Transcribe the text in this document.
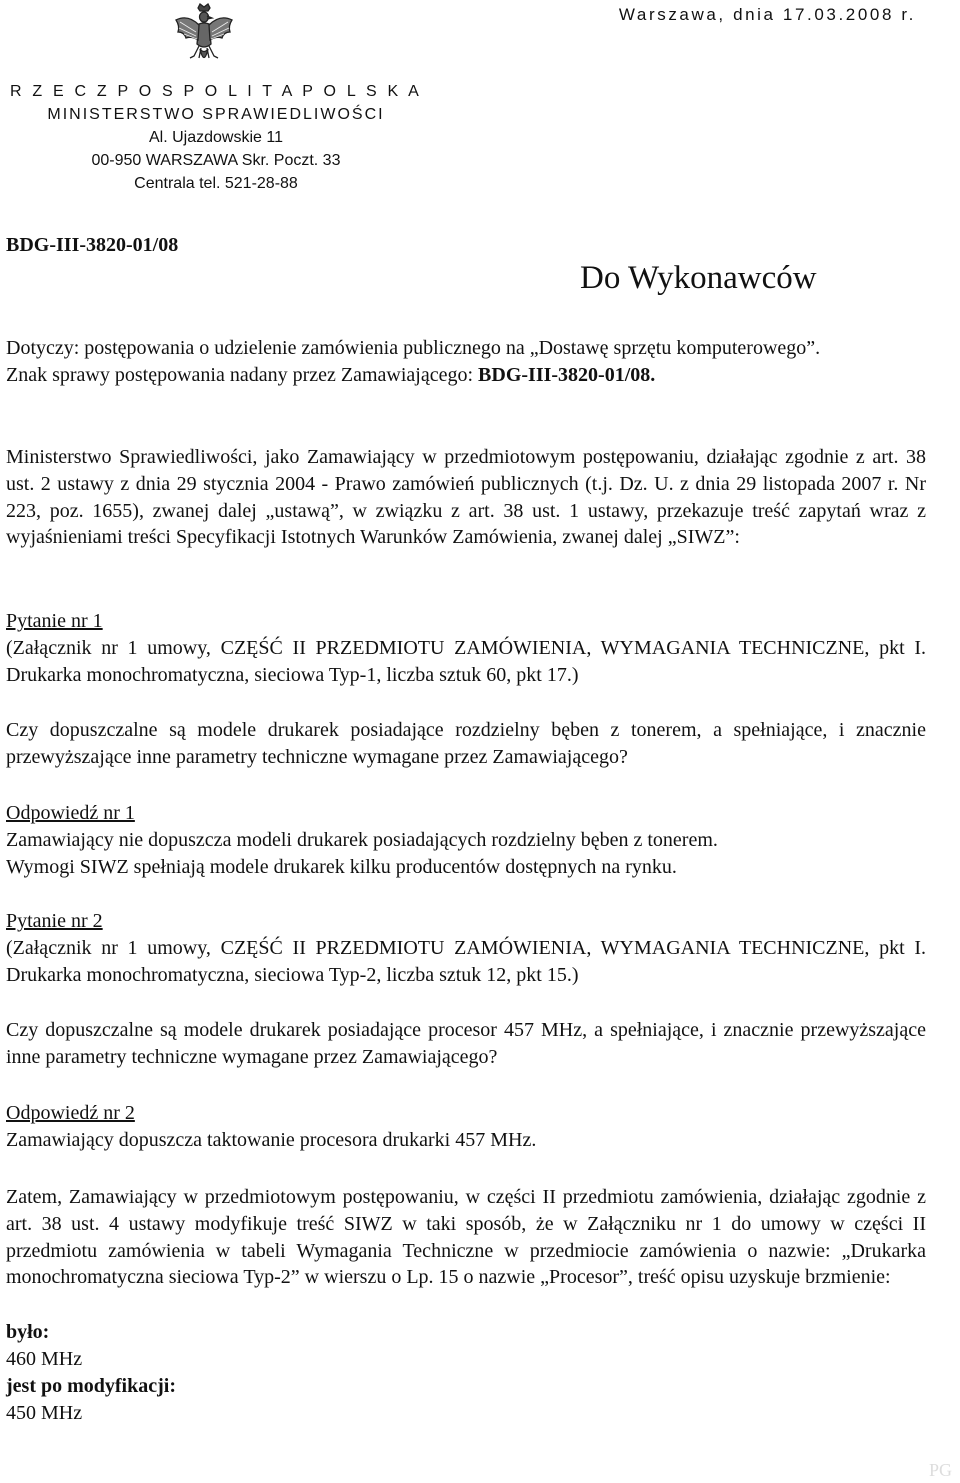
Warszawa, dnia 17.03.2008 r.
R Z E C Z P O S P O L I T A P O L S K A
MINISTERSTWO SPRAWIEDLIWOŚCI
Al. Ujazdowskie 11
00-950 WARSZAWA Skr. Poczt. 33
Centrala tel. 521-28-88
BDG-III-3820-01/08
Do Wykonawców
Dotyczy: postępowania o udzielenie zamówienia publicznego na „Dostawę sprzętu komputerowego”.
Znak sprawy postępowania nadany przez Zamawiającego: BDG-III-3820-01/08.
Ministerstwo Sprawiedliwości, jako Zamawiający w przedmiotowym postępowaniu, działając zgodnie z art. 38 ust. 2 ustawy z dnia 29 stycznia 2004 - Prawo zamówień publicznych (t.j. Dz. U. z dnia 29 listopada 2007 r. Nr 223, poz. 1655), zwanej dalej „ustawą”, w związku z art. 38 ust. 1 ustawy, przekazuje treść zapytań wraz z wyjaśnieniami treści Specyfikacji Istotnych Warunków Zamówienia, zwanej dalej „SIWZ”:
Pytanie nr 1
(Załącznik nr 1 umowy, CZĘŚĆ II PRZEDMIOTU ZAMÓWIENIA, WYMAGANIA TECHNICZNE, pkt I. Drukarka monochromatyczna, sieciowa Typ-1, liczba sztuk 60, pkt 17.)
Czy dopuszczalne są modele drukarek posiadające rozdzielny bęben z tonerem, a spełniające, i znacznie przewyższające inne parametry techniczne wymagane przez Zamawiającego?
Odpowiedź nr 1
Zamawiający nie dopuszcza modeli drukarek posiadających rozdzielny bęben z tonerem.
Wymogi SIWZ spełniają modele drukarek kilku producentów dostępnych na rynku.
Pytanie nr 2
(Załącznik nr 1 umowy, CZĘŚĆ II PRZEDMIOTU ZAMÓWIENIA, WYMAGANIA TECHNICZNE, pkt I. Drukarka monochromatyczna, sieciowa Typ-2, liczba sztuk 12, pkt 15.)
Czy dopuszczalne są modele drukarek posiadające procesor 457 MHz, a spełniające, i znacznie przewyższające inne parametry techniczne wymagane przez Zamawiającego?
Odpowiedź nr 2
Zamawiający dopuszcza taktowanie procesora drukarki 457 MHz.
Zatem, Zamawiający w przedmiotowym postępowaniu, w części II przedmiotu zamówienia, działając zgodnie z art. 38 ust. 4 ustawy modyfikuje treść SIWZ w taki sposób, że w Załączniku nr 1 do umowy w części II przedmiotu zamówienia w tabeli Wymagania Techniczne w przedmiocie zamówienia o nazwie: „Drukarka monochromatyczna sieciowa Typ-2” w wierszu o Lp. 15 o nazwie „Procesor”, treść opisu uzyskuje brzmienie:
było:
460 MHz
jest po modyfikacji:
450 MHz
PG
